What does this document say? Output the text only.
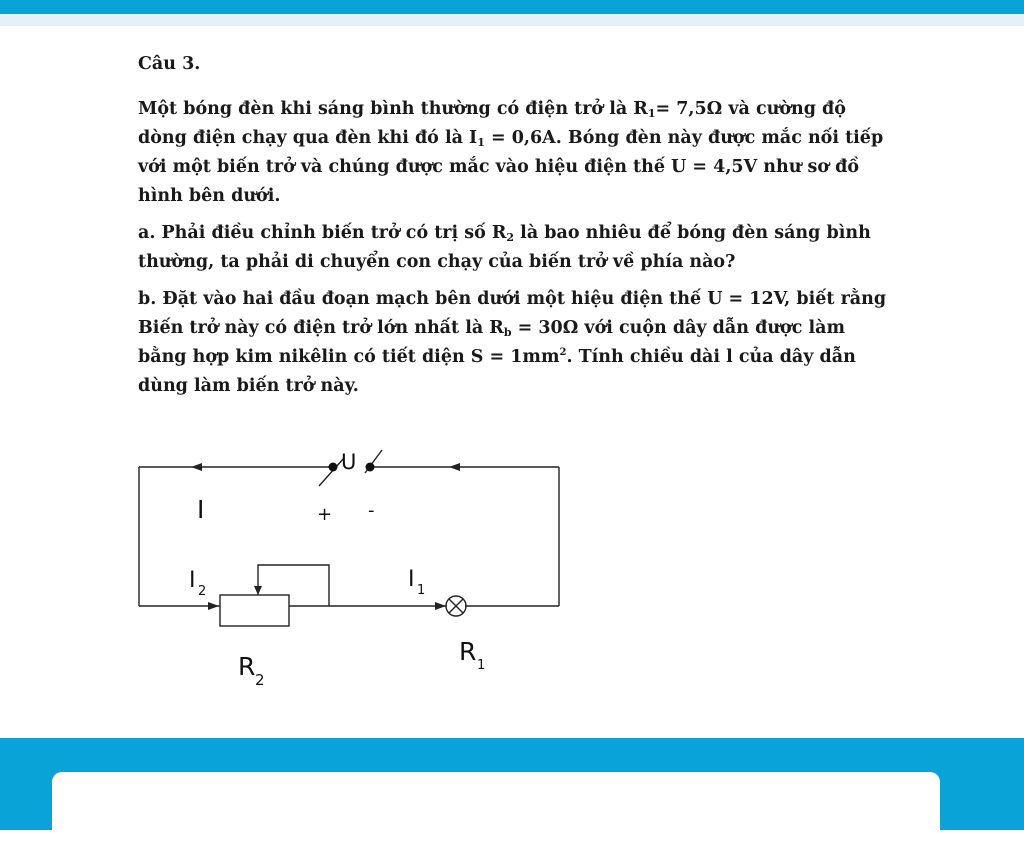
Câu 3.

Một bóng đèn khi sáng bình thường có điện trở là $R_1= 7,5\Omega$ và cường độ dòng điện chạy qua đèn khi đó là $I_1 = 0,6A$. Bóng đèn này được mắc nối tiếp với một biến trở và chúng được mắc vào hiệu điện thế U = 4,5V như sơ đồ hình bên dưới.

a. Phải điều chỉnh biến trở có trị số $R_2$ là bao nhiêu để bóng đèn sáng bình thường, ta phải di chuyển con chạy của biến trở về phía nào?

b. Đặt vào hai đầu đoạn mạch bên dưới một hiệu điện thế U = 12V, biết rằng Biến trở này có điện trở lớn nhất là $R_b = 30\Omega$ với cuộn dây dẫn được làm bằng hợp kim nikêlin có tiết diện $S = 1mm^2$. Tính chiều dài l của dây dẫn dùng làm biến trở này.

U
+ -
I
I 2	I 1
R 2
R 1
